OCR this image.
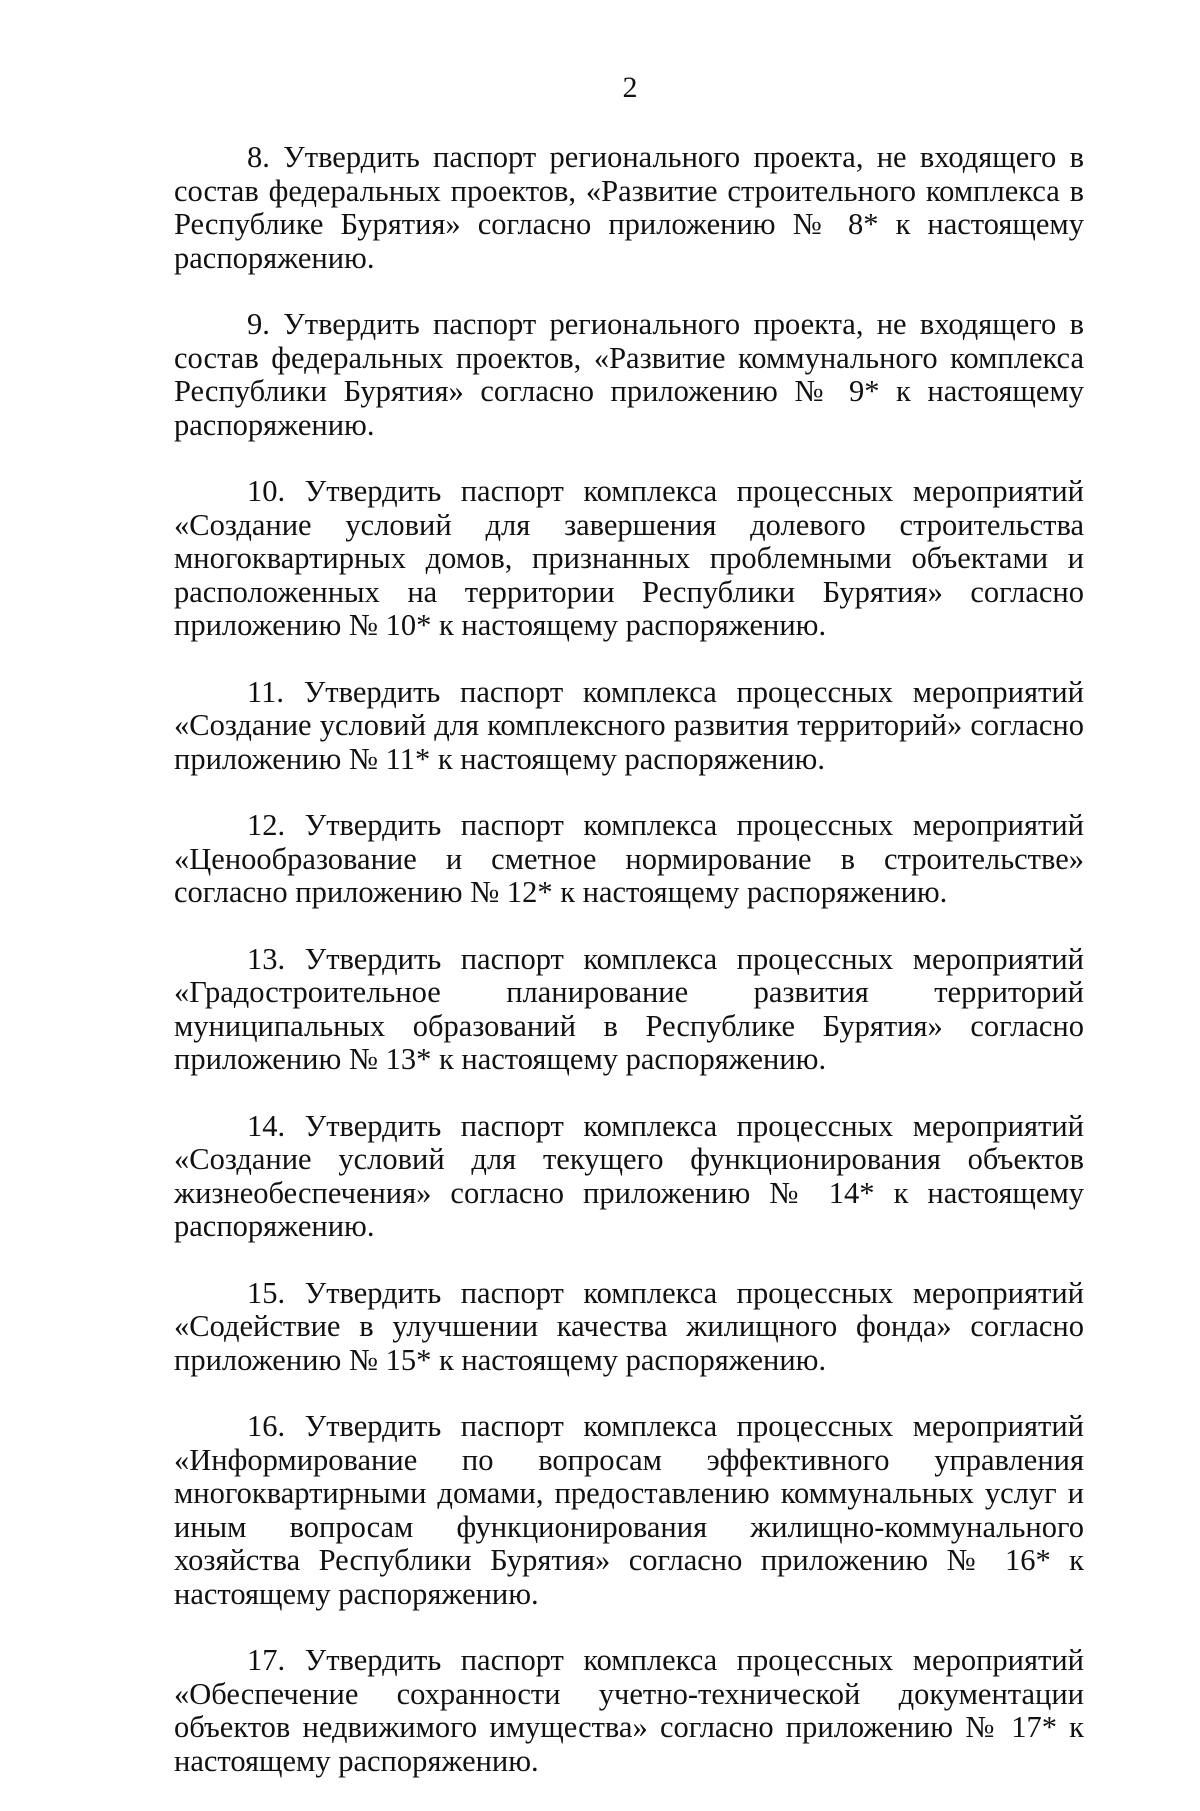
2

8. Утвердить паспорт регионального проекта, не входящего в состав федеральных проектов, «Развитие строительного комплекса в Республике Бурятия» согласно приложению № 8* к настоящему распоряжению.

9. Утвердить паспорт регионального проекта, не входящего в состав федеральных проектов, «Развитие коммунального комплекса Республики Бурятия» согласно приложению № 9* к настоящему распоряжению.

10. Утвердить паспорт комплекса процессных мероприятий «Создание условий для завершения долевого строительства многоквартирных домов, признанных проблемными объектами и расположенных на территории Республики Бурятия» согласно приложению № 10* к настоящему распоряжению.

11. Утвердить паспорт комплекса процессных мероприятий «Создание условий для комплексного развития территорий» согласно приложению № 11* к настоящему распоряжению.

12. Утвердить паспорт комплекса процессных мероприятий «Ценообразование и сметное нормирование в строительстве» согласно приложению № 12* к настоящему распоряжению.

13. Утвердить паспорт комплекса процессных мероприятий «Градостроительное планирование развития территорий муниципальных образований в Республике Бурятия» согласно приложению № 13* к настоящему распоряжению.

14. Утвердить паспорт комплекса процессных мероприятий «Создание условий для текущего функционирования объектов жизнеобеспечения» согласно приложению № 14* к настоящему распоряжению.

15. Утвердить паспорт комплекса процессных мероприятий «Содействие в улучшении качества жилищного фонда» согласно приложению № 15* к настоящему распоряжению.

16. Утвердить паспорт комплекса процессных мероприятий «Информирование по вопросам эффективного управления многоквартирными домами, предоставлению коммунальных услуг и иным вопросам функционирования жилищно-коммунального хозяйства Республики Бурятия» согласно приложению № 16* к настоящему распоряжению.

17. Утвердить паспорт комплекса процессных мероприятий «Обеспечение сохранности учетно-технической документации объектов недвижимого имущества» согласно приложению № 17* к настоящему распоряжению.
